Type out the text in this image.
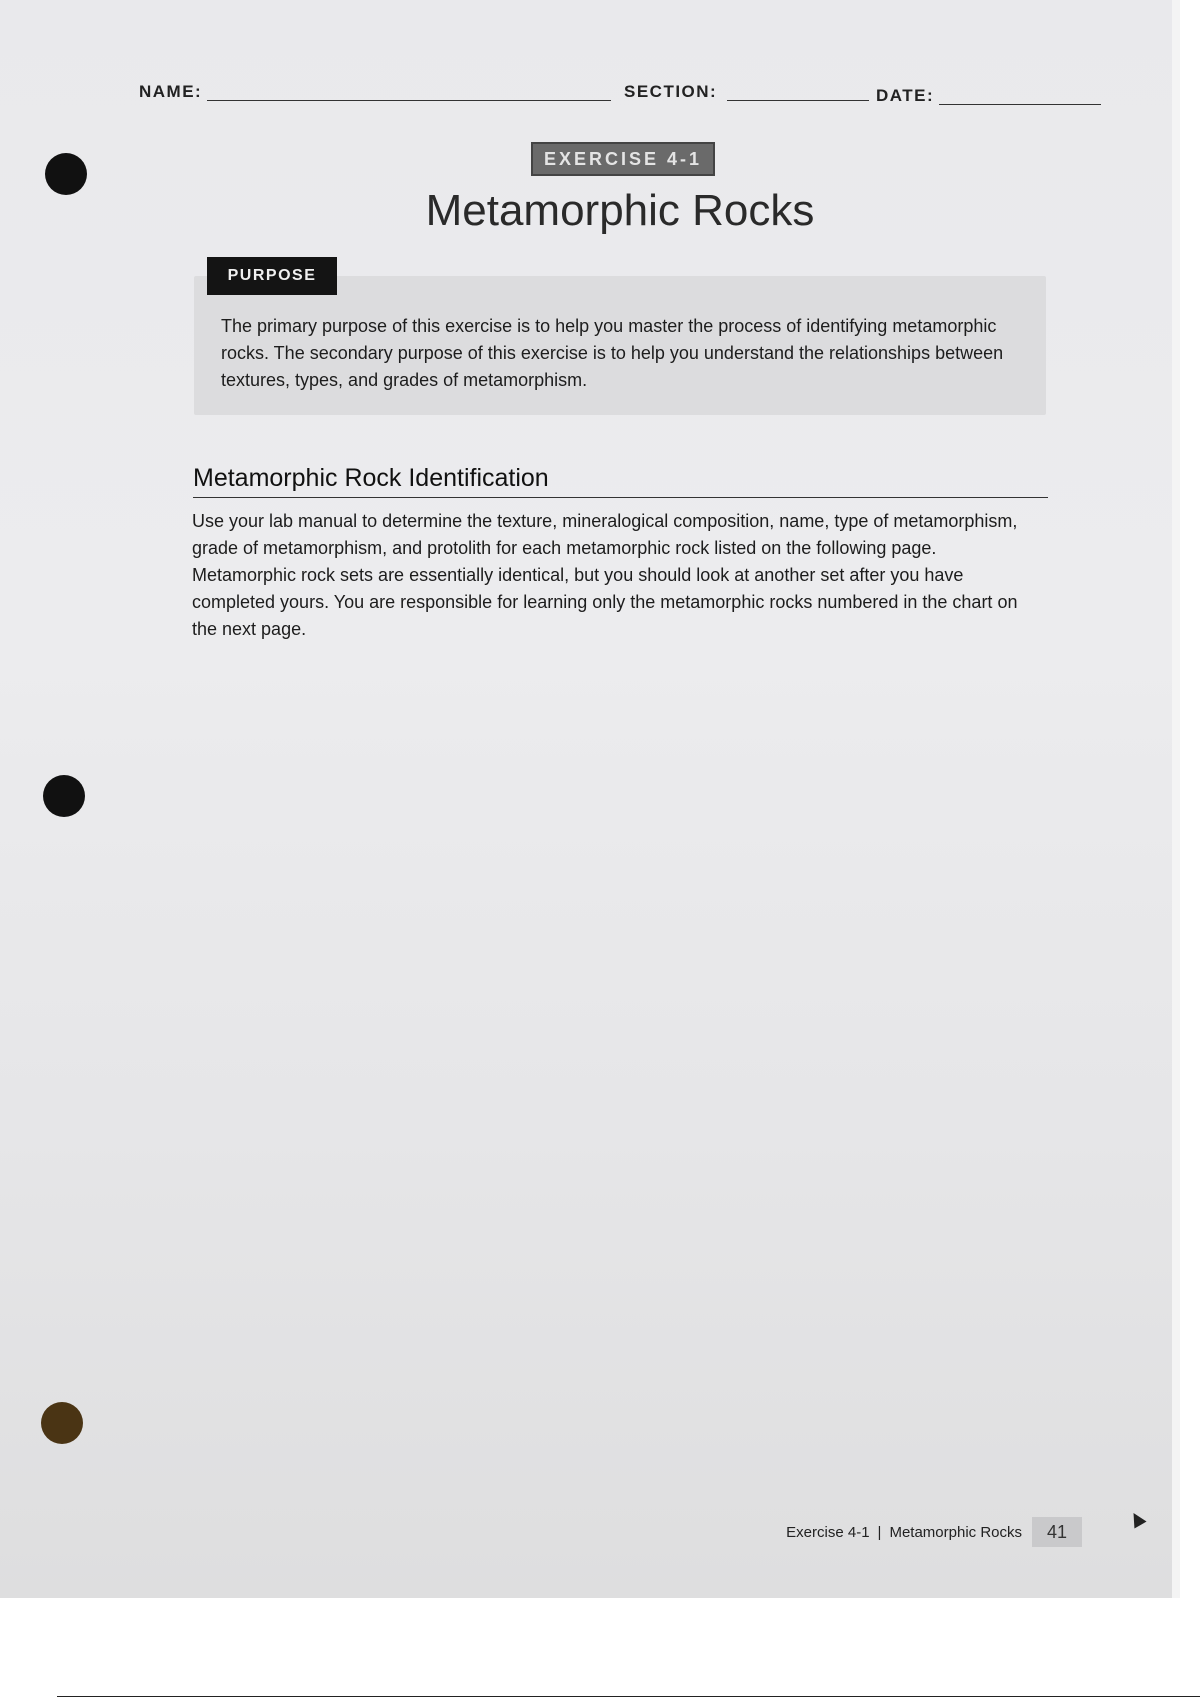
NAME:	SECTION:	DATE:
EXERCISE 4-1
Metamorphic Rocks
PURPOSE

The primary purpose of this exercise is to help you master the process of identifying metamorphic rocks. The secondary purpose of this exercise is to help you understand the relationships between textures, types, and grades of metamorphism.

Metamorphic Rock Identification

Use your lab manual to determine the texture, mineralogical composition, name, type of metamorphism, grade of metamorphism, and protolith for each metamorphic rock listed on the following page. Metamorphic rock sets are essentially identical, but you should look at another set after you have completed yours. You are responsible for learning only the metamorphic rocks numbered in the chart on the next page.

Exercise 4-1 | Metamorphic Rocks	41
